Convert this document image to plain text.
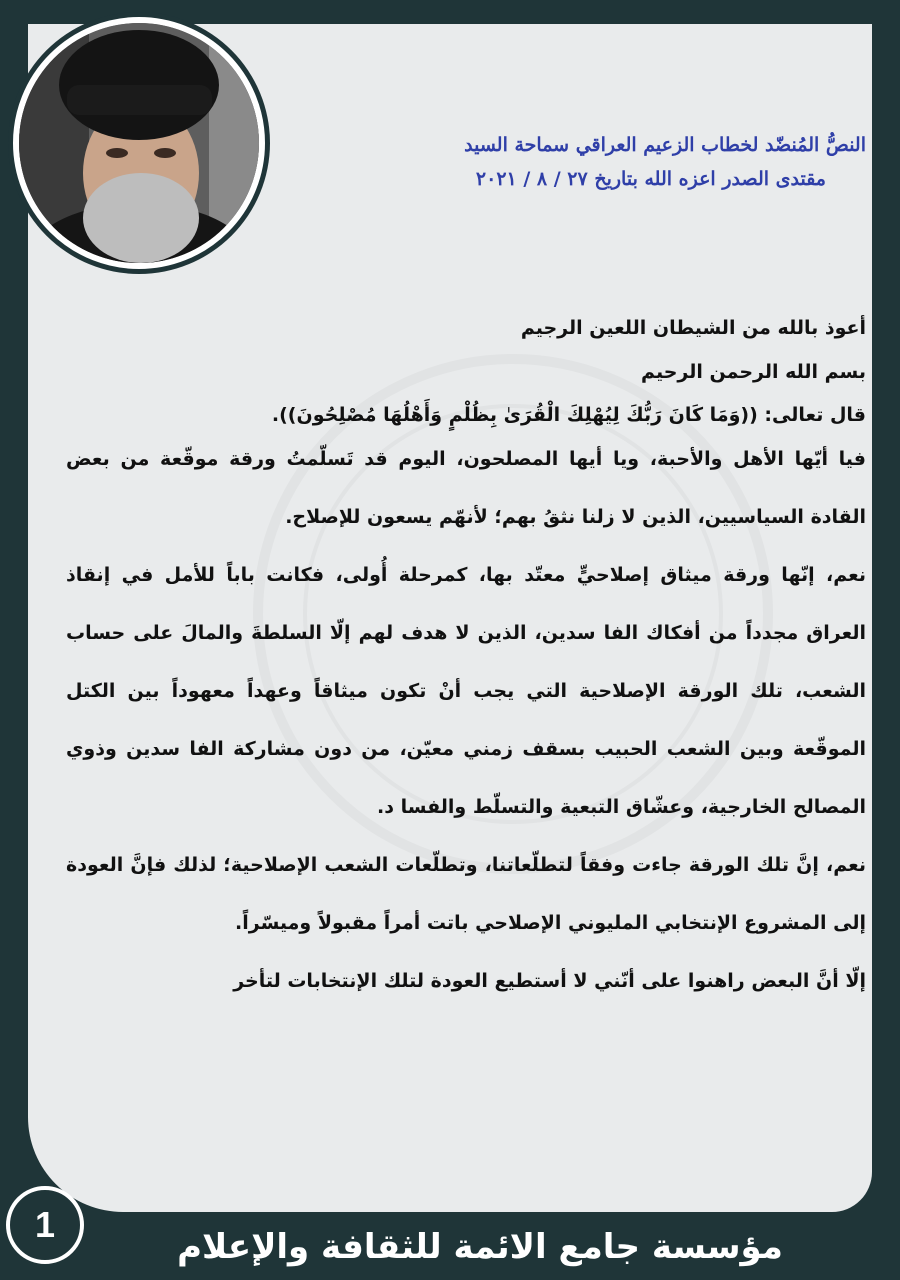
النصُّ المُنضّد لخطاب الزعيم العراقي سماحة السيد
مقتدى الصدر اعزه الله بتاريخ ٢٧ / ٨ / ٢٠٢١

أعوذ بالله من الشيطان اللعين الرجيم

بسم الله الرحمن الرحيم

قال تعالى: ((وَمَا كَانَ رَبُّكَ لِيُهْلِكَ الْقُرَىٰ بِظُلْمٍ وَأَهْلُهَا مُصْلِحُونَ)).

فيا أيّها الأهل والأحبة، ويا أيها المصلحون، اليوم قد تَسلّمتُ ورقة موقّعة من بعض القادة السياسيين، الذين لا زلنا نثقُ بهم؛ لأنهّم يسعون للإصلاح.

نعم، إنّها ورقة ميثاق إصلاحيٍّ معتّد بها، كمرحلة أُولى، فكانت باباً للأمل في إنقاذ العراق مجدداً من أفكاك الفا سدين، الذين لا هدف لهم إلّا السلطةَ والمالَ على حساب الشعب، تلك الورقة الإصلاحية التي يجب أنْ تكون ميثاقاً وعهداً معهوداً بين الكتل الموقّعة وبين الشعب الحبيب بسقف زمني معيّن، من دون مشاركة الفا سدين وذوي المصالح الخارجية، وعشّاق التبعية والتسلّط والفسا د.

نعم، إنَّ تلك الورقة جاءت وفقاً لتطلّعاتنا، وتطلّعات الشعب الإصلاحية؛ لذلك فإنَّ العودة إلى المشروع الإنتخابي المليوني الإصلاحي باتت أمراً مقبولاً وميسّراً.

إلّا أنَّ البعض راهنوا على أنّني لا أستطيع العودة لتلك الإنتخابات لتأخر

مؤسسة جامع الائمة للثقافة والإعلام
1
